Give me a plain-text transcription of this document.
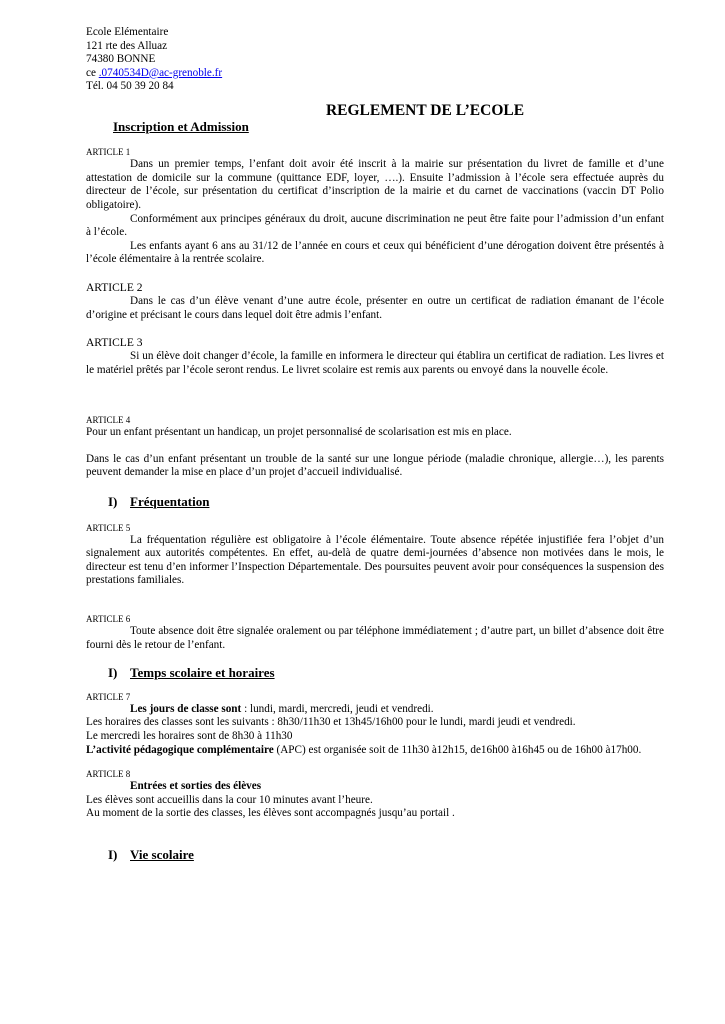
Ecole Elémentaire
121 rte des Alluaz
74380 BONNE
ce .0740534D@ac-grenoble.fr
Tél. 04 50 39 20 84
REGLEMENT DE L’ECOLE
Inscription et Admission
ARTICLE 1

Dans un premier temps, l’enfant doit avoir été inscrit à la mairie sur présentation du livret de famille et d’une attestation de domicile sur la commune (quittance EDF, loyer, ….). Ensuite l’admission à l’école sera effectuée auprès du directeur de l’école, sur présentation du certificat d’inscription de la mairie et du carnet de vaccinations (vaccin DT Polio obligatoire).

Conformément aux principes généraux du droit, aucune discrimination ne peut être faite pour l’admission d’un enfant à l’école.

Les enfants ayant 6 ans au 31/12 de l’année en cours et ceux qui bénéficient d’une dérogation doivent être présentés à l’école élémentaire à la rentrée scolaire.

ARTICLE 2

Dans le cas d’un élève venant d’une autre école, présenter en outre un certificat de radiation émanant de l’école d’origine et précisant le cours dans lequel doit être admis l’enfant.

ARTICLE 3

Si un élève doit changer d’école, la famille en informera le directeur qui établira un certificat de radiation. Les livres et le matériel prêtés par l’école seront rendus. Le livret scolaire est remis aux parents ou envoyé dans la nouvelle école.

ARTICLE 4

Pour un enfant présentant un handicap, un projet personnalisé de scolarisation est mis en place.

Dans le cas d’un enfant présentant un trouble de la santé sur une longue période (maladie chronique, allergie…), les parents peuvent demander la mise en place d’un projet d’accueil individualisé.

I) Fréquentation
ARTICLE 5

La fréquentation régulière est obligatoire à l’école élémentaire. Toute absence répétée injustifiée fera l’objet d’un signalement aux autorités compétentes. En effet, au-delà de quatre demi-journées d’absence non motivées dans le mois, le directeur est tenu d’en informer l’Inspection Départementale. Des poursuites peuvent avoir pour conséquences la suspension des prestations familiales.

ARTICLE 6

Toute absence doit être signalée oralement ou par téléphone immédiatement ; d’autre part, un billet d’absence doit être fourni dès le retour de l’enfant.

I) Temps scolaire et horaires
ARTICLE 7

Les jours de classe sont : lundi, mardi, mercredi, jeudi et vendredi.

Les horaires des classes sont les suivants : 8h30/11h30 et 13h45/16h00 pour le lundi, mardi jeudi et vendredi.

Le mercredi les horaires sont de 8h30 à 11h30

L’activité pédagogique complémentaire (APC) est organisée soit de 11h30 à12h15, de16h00 à16h45 ou de 16h00 à17h00.

ARTICLE 8

Entrées et sorties des élèves

Les élèves sont accueillis dans la cour 10 minutes avant l’heure.

Au moment de la sortie des classes, les élèves sont accompagnés jusqu’au portail .

I) Vie scolaire
